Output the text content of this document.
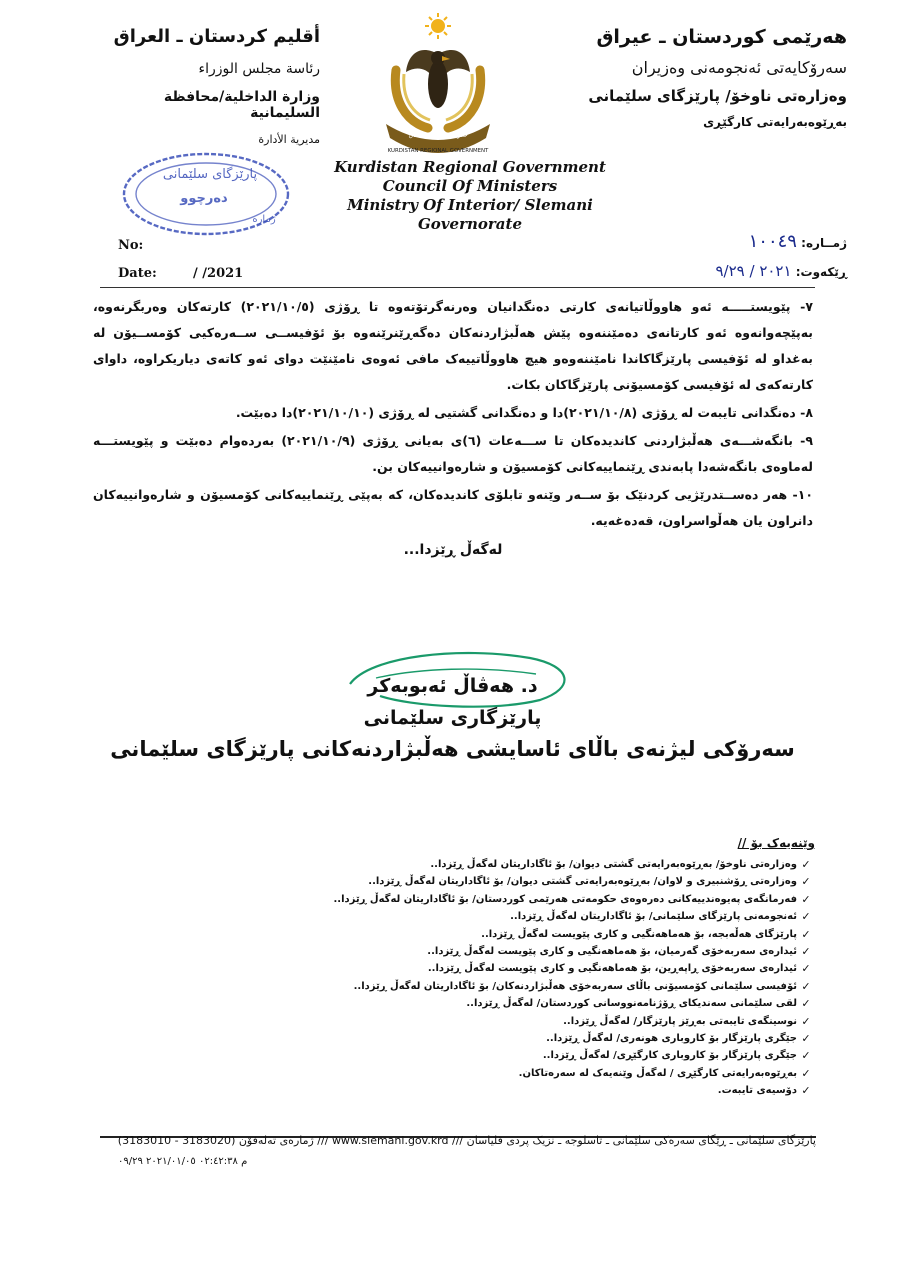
هەرێمی کوردستان ـ عیراق
سەرۆکایەتی ئەنجومەنی وەزیران
وەزارەتی ناوخۆ/ پارێزگای سلێمانی
بەڕێوەبەرایەتی کارگێڕی
أقليم كردستان ـ العراق
رئاسة مجلس الوزراء
وزارة الداخلية/محافظة السليمانية
مديرية الأدارة	حكومة إقليم كوردستان
KURDISTAN REGIONAL GOVERNMENT
Kurdistan Regional Government
Council Of Ministers
Ministry Of Interior/ Slemani Governorate
پارێزگای سلێمانی
دەرچوو
ژمارە
No:
Date:	/ /2021
ژمــارە: ١٠٠٤٩
ڕێکەوت: ٢٠٢١ / ٩/٢٩

٧- پێویستـــــە ئەو هاووڵاتیانەی کارتی دەنگدانیان وەرنەگرتۆتەوە تا ڕۆژی (٢٠٢١/١٠/٥) کارتەکان وەربگرنەوە، بەپێچەوانەوە ئەو کارتانەی دەمێننەوە پێش هەڵبژاردنەکان دەگەڕێنرێنەوە بۆ ئۆفیســی ســەرەکیی کۆمســیۆن لە بەغداو لە ئۆفیسی پارێزگاکاندا نامێننەوەو هیچ هاووڵاتییەک مافی ئەوەی نامێنێت دوای ئەو کاتەی دیاریکراوە، داوای کارتەکەی لە ئۆفیسی کۆمسیۆنی پارێزگاکان بکات.

٨- دەنگدانی تایبەت لە ڕۆژی (٢٠٢١/١٠/٨)دا و دەنگدانی گشتیی لە ڕۆژی (٢٠٢١/١٠/١٠)دا دەبێت.

٩- بانگەشـــەی هەڵبژاردنی کاندیدەکان تا ســـەعات (٦)ی بەیانی ڕۆژی (٢٠٢١/١٠/٩) بەردەوام دەبێت و پێویستـــە لەماوەی بانگەشەدا پابەندی ڕێنماییەکانی کۆمسیۆن و شارەوانییەکان بن.

١٠- هەر دەســتدرێژیی کردنێک بۆ ســەر وێنەو تابلۆی کاندیدەکان، کە بەپێی ڕێنماییەکانی کۆمسیۆن و شارەوانییەکان دانراون یان هەڵواسراون، قەدەغەیە.

لەگەڵ ڕێزدا...
د. هەڤاڵ ئەبوبەکر
پارێزگاری سلێمانی
سەرۆکی لیژنەی باڵای ئاسایشی هەڵبژاردنەکانی پارێزگای سلێمانی
وێنەیەک بۆ //
✓
وەزارەتی ناوخۆ/ بەڕێوەبەرایەتی گشتی دیوان/ بۆ ئاگاداریتان لەگەڵ ڕێزدا..
✓
وەزارەتی ڕۆشنبیری و لاوان/ بەڕێوەبەرایەتی گشتی دیوان/ بۆ ئاگاداریتان لەگەڵ ڕێزدا..
✓
فەرمانگەی پەیوەندییەکانی دەرەوەی حکومەتی هەرێمی کوردستان/ بۆ ئاگاداریتان لەگەڵ ڕێزدا..
✓
ئەنجومەنی پارێزگای سلێمانی/ بۆ ئاگاداریتان لەگەڵ ڕێزدا..
✓
پارێزگای هەڵەبجە، بۆ هەماهەنگیی و کاری پێویست لەگەڵ ڕێزدا..
✓
ئیدارەی سەربەخۆی گەرمیان، بۆ هەماهەنگیی و کاری پێویست لەگەڵ ڕێزدا..
✓
ئیدارەی سەربەخۆی ڕاپەڕین، بۆ هەماهەنگیی و کاری پێویست لەگەڵ ڕێزدا..
✓
ئۆفیسی سلێمانی کۆمسیۆنی باڵای سەربەخۆی هەڵبژاردنەکان/ بۆ ئاگاداریتان لەگەڵ ڕێزدا..
✓
لقی سلێمانی سەندیکای ڕۆژنامەنووسانی کوردستان/ لەگەڵ ڕێزدا..
✓
نوسینگەی تایبەتی بەڕێز پارێزگار/ لەگەڵ ڕێزدا..
✓
جێگری پارێزگار بۆ کاروباری هونەری/ لەگەڵ ڕێزدا..
✓
جێگری پارێزگار بۆ کاروباری کارگێڕی/ لەگەڵ ڕێزدا..
✓
بەڕێوەبەرایەتی کارگێڕی / لەگەڵ وێنەیەک لە سەرەتاکان.
✓
دۆسیەی تایبەت.
پارێزگای سلێمانی ـ ڕێگای سەرەکی سلێمانی ـ تاسلوجە ـ نزیک پردی قلیاسان /// www.slemani.gov.krd /// ژمارەی تەلەفۆن (3183020 - 3183010)
م ٠٢:٤٢:٣٨ ٢٠٢١/٠١/٠٥ ٠٩/٢٩
